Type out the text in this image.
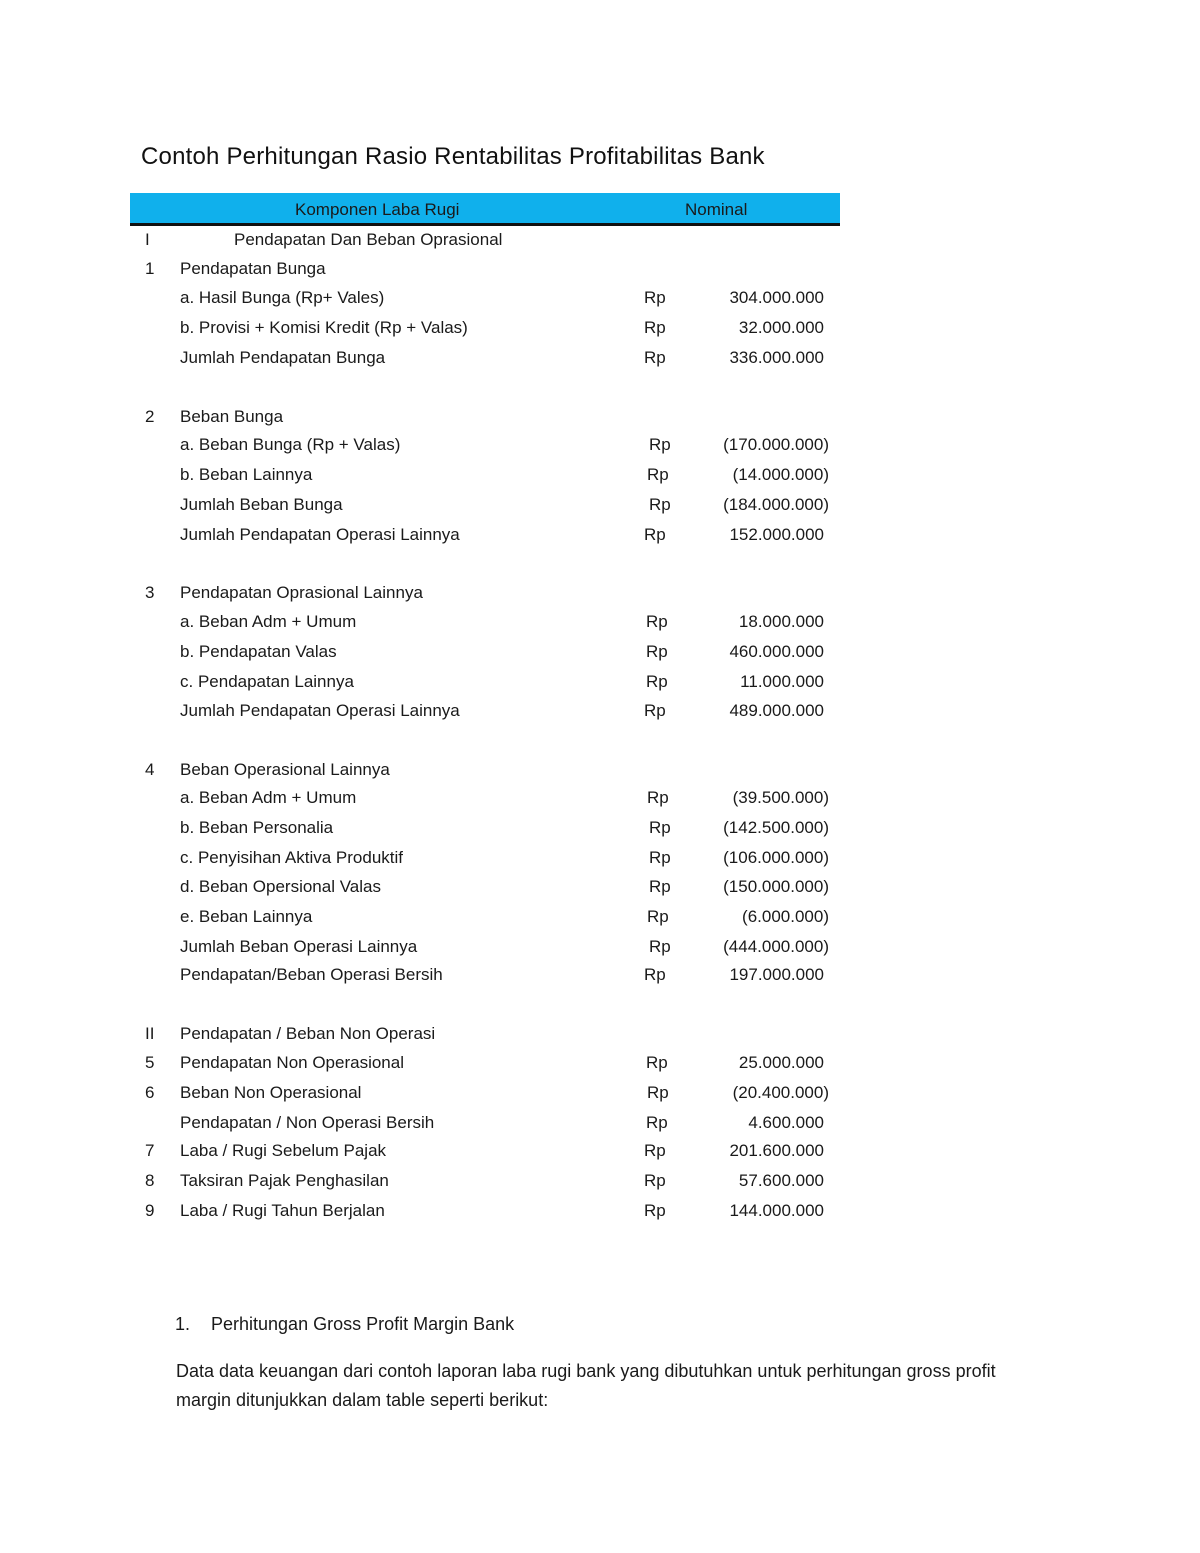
Contoh Perhitungan Rasio Rentabilitas Profitabilitas Bank
Komponen Laba Rugi	Nominal
I	Pendapatan Dan Beban Oprasional
1 Pendapatan Bunga
a. Hasil Bunga (Rp+ Vales)	Rp	304.000.000
b. Provisi + Komisi Kredit (Rp + Valas)	Rp	32.000.000
Jumlah Pendapatan Bunga	Rp	336.000.000
2 Beban Bunga
a. Beban Bunga (Rp + Valas)	Rp	(170.000.000)
b. Beban Lainnya	Rp	(14.000.000)
Jumlah Beban Bunga	Rp	(184.000.000)
Jumlah Pendapatan Operasi Lainnya	Rp	152.000.000
3 Pendapatan Oprasional Lainnya
a. Beban Adm + Umum	Rp	18.000.000
b. Pendapatan Valas	Rp	460.000.000
c. Pendapatan Lainnya	Rp	11.000.000
Jumlah Pendapatan Operasi Lainnya	Rp	489.000.000
4 Beban Operasional Lainnya
a. Beban Adm + Umum	Rp	(39.500.000)
b. Beban Personalia	Rp	(142.500.000)
c. Penyisihan Aktiva Produktif	Rp	(106.000.000)
d. Beban Opersional Valas	Rp	(150.000.000)
e. Beban Lainnya	Rp	(6.000.000)
Jumlah Beban Operasi Lainnya	Rp	(444.000.000)
Pendapatan/Beban Operasi Bersih	Rp	197.000.000
II Pendapatan / Beban Non Operasi
5 Pendapatan Non Operasional	Rp	25.000.000
6 Beban Non Operasional	Rp	(20.400.000)
Pendapatan / Non Operasi Bersih	Rp	4.600.000
7 Laba / Rugi Sebelum Pajak	Rp	201.600.000
8 Taksiran Pajak Penghasilan	Rp	57.600.000
9 Laba / Rugi Tahun Berjalan	Rp	144.000.000
1. Perhitungan Gross Profit Margin Bank
Data data keuangan dari contoh laporan laba rugi bank yang dibutuhkan untuk perhitungan gross profit margin ditunjukkan dalam table seperti berikut:
